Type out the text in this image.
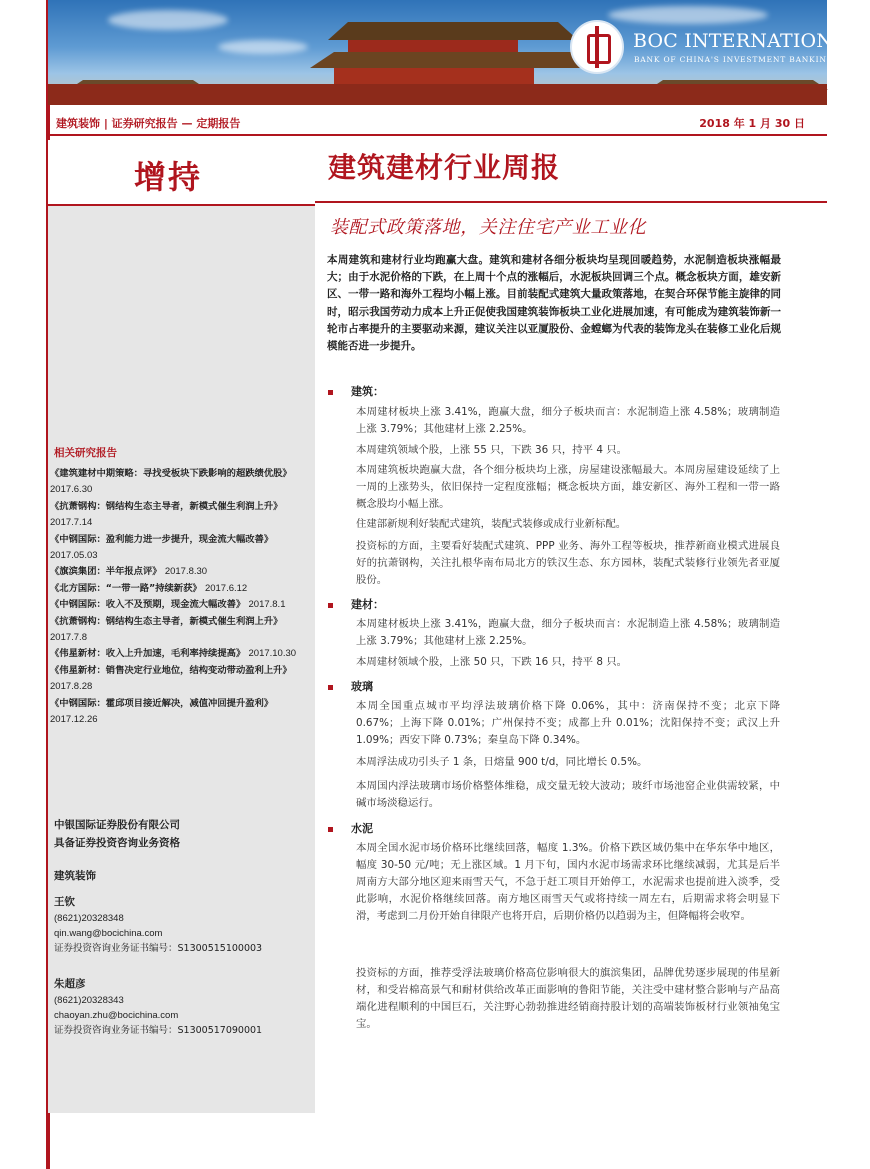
BOC INTERNATIONAL
BANK OF CHINA'S INVESTMENT BANKING GROUP
建筑装饰 | 证券研究报告 — 定期报告	2018 年 1 月 30 日
增持
相关研究报告
《建筑建材中期策略：寻找受板块下跌影响的超跌绩优股》 2017.6.30
《抗萧钢构：钢结构生态主导者，新模式催生利润上升》 2017.7.14
《中钢国际：盈利能力进一步提升，现金流大幅改善》 2017.05.03
《旗滨集团：半年报点评》 2017.8.30
《北方国际：“一带一路”持续新获》 2017.6.12
《中钢国际：收入不及预期，现金流大幅改善》 2017.8.1
《抗萧钢构：钢结构生态主导者，新模式催生利润上升》 2017.7.8
《伟星新材：收入上升加速，毛利率持续提高》 2017.10.30
《伟星新材：销售决定行业地位，结构变动带动盈利上升》 2017.8.28
《中钢国际：霍邱项目接近解决，减值冲回提升盈利》 2017.12.26
中银国际证券股份有限公司
具备证券投资咨询业务资格
建筑装饰
王钦
(8621)20328348
qin.wang@bocichina.com
证券投资咨询业务证书编号：S1300515100003
朱超彦
(8621)20328343
chaoyan.zhu@bocichina.com
证券投资咨询业务证书编号：S1300517090001
建筑建材行业周报
装配式政策落地，关注住宅产业工业化

本周建筑和建材行业均跑赢大盘。建筑和建材各细分板块均呈现回暖趋势，水泥制造板块涨幅最大；由于水泥价格的下跌，在上周十个点的涨幅后，水泥板块回调三个点。概念板块方面，雄安新区、一带一路和海外工程均小幅上涨。目前装配式建筑大量政策落地，在契合环保节能主旋律的同时，昭示我国劳动力成本上升正促使我国建筑装饰板块工业化进展加速，有可能成为建筑装饰新一轮市占率提升的主要驱动来源，建议关注以亚厦股份、金螳螂为代表的装饰龙头在装修工业化后规模能否进一步提升。

建筑：

本周建材板块上涨 3.41%，跑赢大盘，细分子板块而言：水泥制造上涨 4.58%；玻璃制造上涨 3.79%；其他建材上涨 2.25%。

本周建筑领域个股，上涨 55 只，下跌 36 只，持平 4 只。

本周建筑板块跑赢大盘，各个细分板块均上涨，房屋建设涨幅最大。本周房屋建设延续了上一周的上涨势头，依旧保持一定程度涨幅；概念板块方面，雄安新区、海外工程和一带一路概念股均小幅上涨。

住建部新规利好装配式建筑，装配式装修或成行业新标配。

投资标的方面，主要看好装配式建筑、PPP 业务、海外工程等板块，推荐新商业模式进展良好的抗萧钢构，关注扎根华南布局北方的铁汉生态、东方园林，装配式装修行业领先者亚厦股份。

建材：

本周建材板块上涨 3.41%，跑赢大盘，细分子板块而言：水泥制造上涨 4.58%；玻璃制造上涨 3.79%；其他建材上涨 2.25%。

本周建材领域个股，上涨 50 只，下跌 16 只，持平 8 只。

玻璃

本周全国重点城市平均浮法玻璃价格下降 0.06%，其中：济南保持不变；北京下降 0.67%；上海下降 0.01%；广州保持不变；成都上升 0.01%；沈阳保持不变；武汉上升 1.09%；西安下降 0.73%；秦皇岛下降 0.34%。

本周浮法成功引头子 1 条，日熔量 900 t/d，同比增长 0.5%。

本周国内浮法玻璃市场价格整体维稳，成交量无较大波动；玻纤市场池窑企业供需较紧，中碱市场淡稳运行。

水泥

本周全国水泥市场价格环比继续回落，幅度 1.3%。价格下跌区域仍集中在华东华中地区，幅度 30-50 元/吨；无上涨区域。1 月下旬，国内水泥市场需求环比继续减弱，尤其是后半周南方大部分地区迎来雨雪天气，不急于赶工项目开始停工，水泥需求也提前进入淡季，受此影响，水泥价格继续回落。南方地区雨雪天气或将持续一周左右，后期需求将会明显下滑，考虑到二月份开始自律限产也将开启，后期价格仍以趋弱为主，但降幅将会收窄。

投资标的方面，推荐受浮法玻璃价格高位影响很大的旗滨集团，品牌优势逐步展现的伟星新材，和受岩棉高景气和耐材供给改革正面影响的鲁阳节能，关注受中建材整合影响与产品高端化进程顺利的中国巨石，关注野心勃勃推进经销商持股计划的高端装饰板材行业领袖兔宝宝。
